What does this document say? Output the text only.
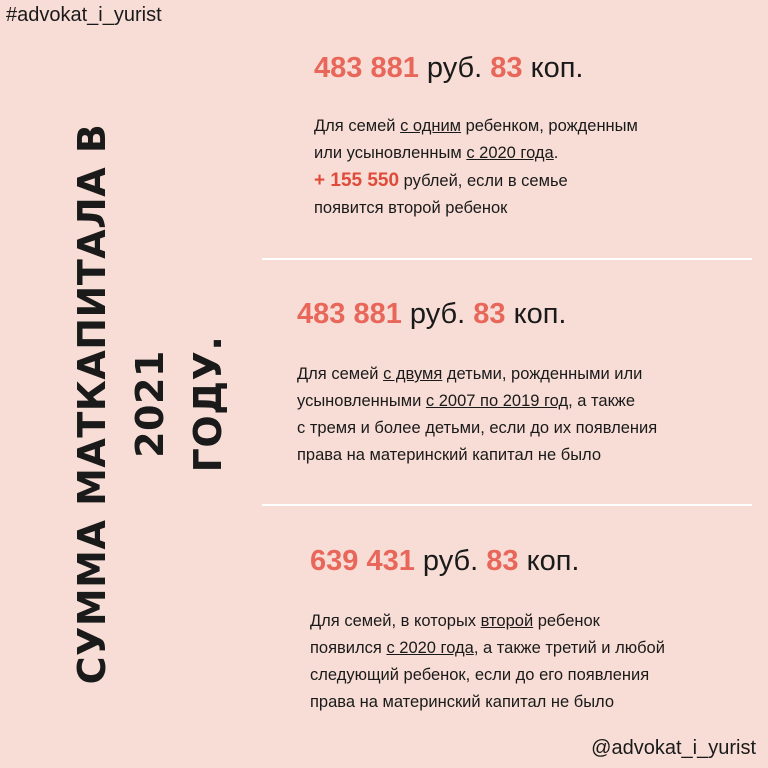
#advokat_i_yurist
СУММА МАТКАПИТАЛА В 2021 ГОДУ.
483 881 руб. 83 коп.
Для семей с одним ребенком, рожденным
или усыновленным с 2020 года.
+ 155 550 рублей, если в семье
появится второй ребенок
483 881 руб. 83 коп.
Для семей с двумя детьми, рожденными или
усыновленными с 2007 по 2019 год, а также
с тремя и более детьми, если до их появления
права на материнский капитал не было
639 431 руб. 83 коп.
Для семей, в которых второй ребенок
появился с 2020 года, а также третий и любой
следующий ребенок, если до его появления
права на материнский капитал не было
@advokat_i_yurist
